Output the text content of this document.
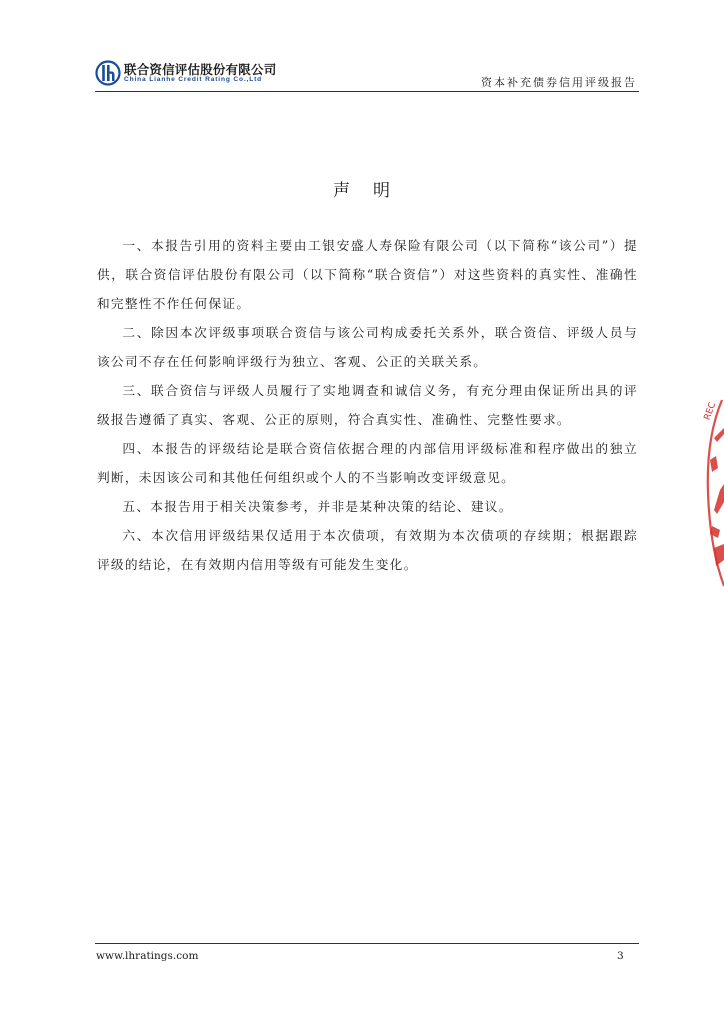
联合资信评估股份有限公司
China Lianhe Credit Rating Co.,Ltd	资本补充债券信用评级报告
声 明

一、本报告引用的资料主要由工银安盛人寿保险有限公司（以下简称“该公司”）提供，联合资信评估股份有限公司（以下简称“联合资信”）对这些资料的真实性、准确性和完整性不作任何保证。

二、除因本次评级事项联合资信与该公司构成委托关系外，联合资信、评级人员与该公司不存在任何影响评级行为独立、客观、公正的关联关系。

三、联合资信与评级人员履行了实地调查和诚信义务，有充分理由保证所出具的评级报告遵循了真实、客观、公正的原则，符合真实性、准确性、完整性要求。

四、本报告的评级结论是联合资信依据合理的内部信用评级标准和程序做出的独立判断，未因该公司和其他任何组织或个人的不当影响改变评级意见。

五、本报告用于相关决策参考，并非是某种决策的结论、建议。

六、本次信用评级结果仅适用于本次债项，有效期为本次债项的存续期；根据跟踪评级的结论，在有效期内信用等级有可能发生变化。

REC
www.lhratings.com	3
